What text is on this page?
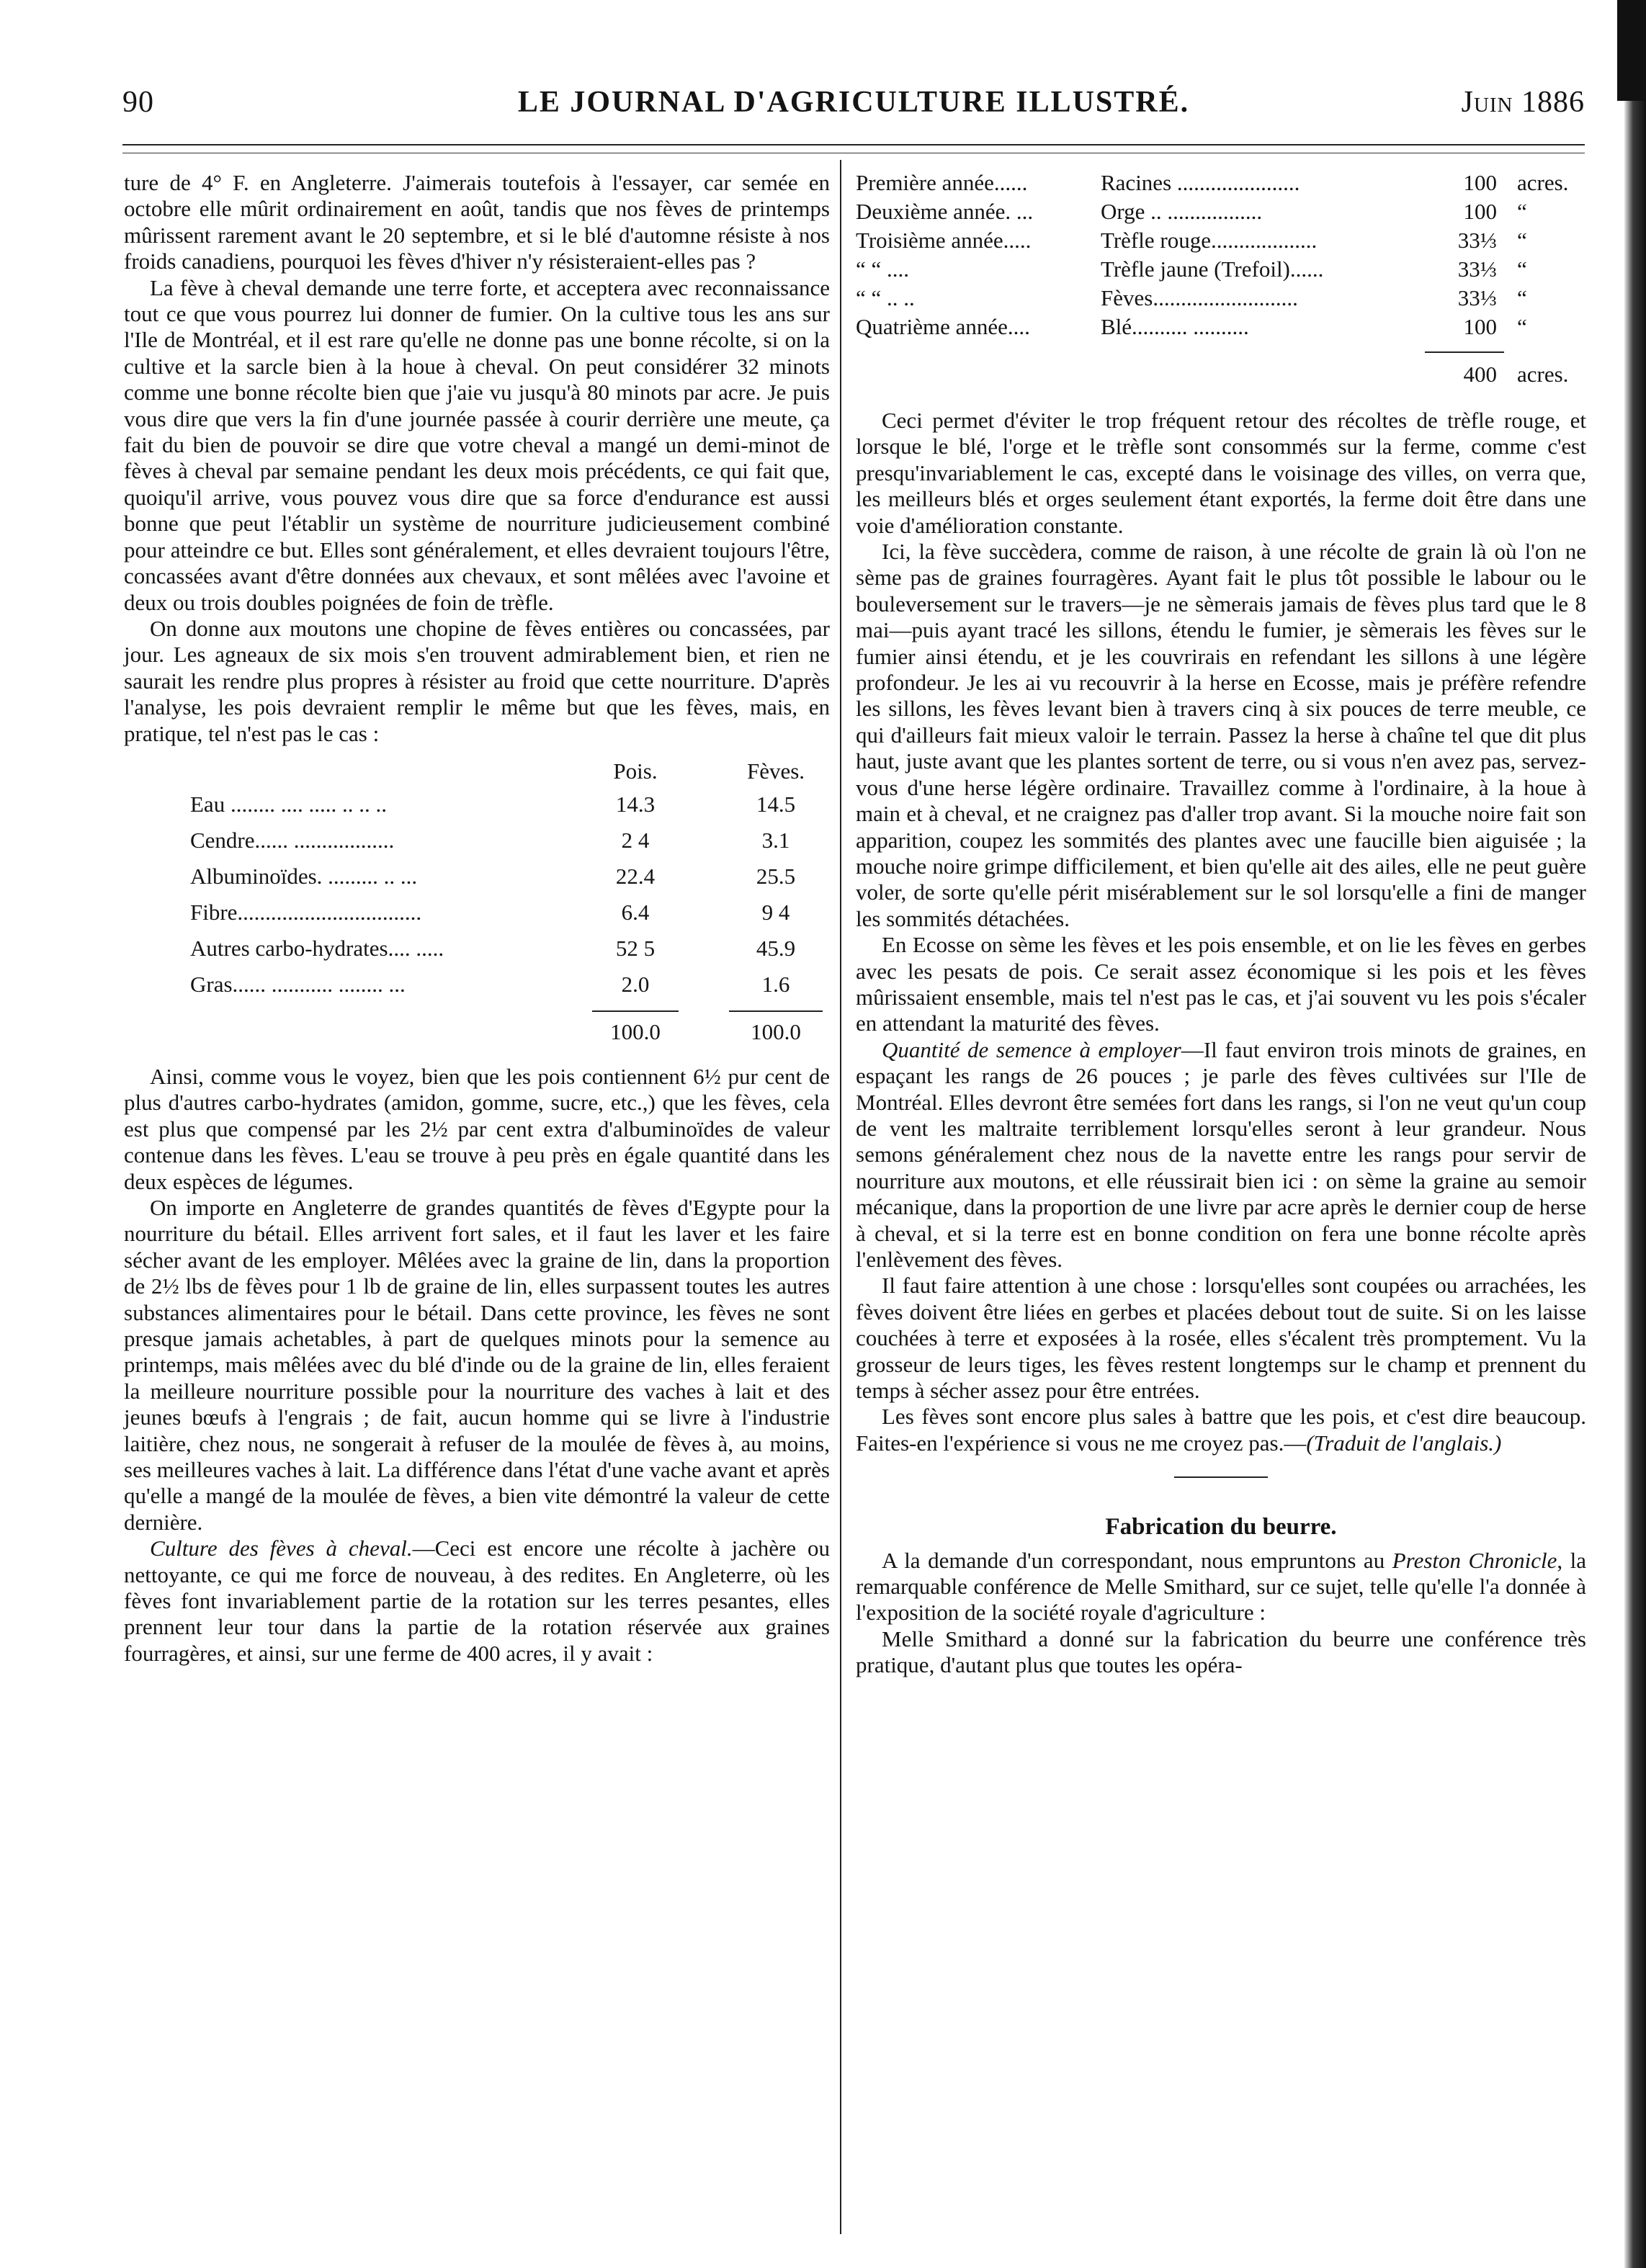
90	LE JOURNAL D'AGRICULTURE ILLUSTRÉ.	Juin 1886

ture de 4° F. en Angleterre. J'aimerais toutefois à l'essayer, car semée en octobre elle mûrit ordinairement en août, tandis que nos fèves de printemps mûrissent rarement avant le 20 septembre, et si le blé d'automne résiste à nos froids canadiens, pourquoi les fèves d'hiver n'y résisteraient-elles pas ?

La fève à cheval demande une terre forte, et acceptera avec reconnaissance tout ce que vous pourrez lui donner de fumier. On la cultive tous les ans sur l'Ile de Montréal, et il est rare qu'elle ne donne pas une bonne récolte, si on la cultive et la sarcle bien à la houe à cheval. On peut considérer 32 minots comme une bonne récolte bien que j'aie vu jusqu'à 80 minots par acre. Je puis vous dire que vers la fin d'une journée passée à courir derrière une meute, ça fait du bien de pouvoir se dire que votre cheval a mangé un demi-minot de fèves à cheval par semaine pendant les deux mois précédents, ce qui fait que, quoiqu'il arrive, vous pouvez vous dire que sa force d'endurance est aussi bonne que peut l'établir un système de nourriture judicieusement combiné pour atteindre ce but. Elles sont généralement, et elles devraient toujours l'être, concassées avant d'être données aux chevaux, et sont mêlées avec l'avoine et deux ou trois doubles poignées de foin de trèfle.

On donne aux moutons une chopine de fèves entières ou concassées, par jour. Les agneaux de six mois s'en trouvent admirablement bien, et rien ne saurait les rendre plus propres à résister au froid que cette nourriture. D'après l'analyse, les pois devraient remplir le même but que les fèves, mais, en pratique, tel n'est pas le cas :

Pois.	Fèves.
Eau ........ .... ..... .. .. ..	14.3	14.5
Cendre...... ..................	2 4	3.1
Albuminoïdes. ......... .. ...	22.4	25.5
Fibre.................................	6.4	9 4
Autres carbo-hydrates.... .....	52 5	45.9
Gras...... ........... ........ ...	2.0	1.6
100.0	100.0

Ainsi, comme vous le voyez, bien que les pois contiennent 6½ pur cent de plus d'autres carbo-hydrates (amidon, gomme, sucre, etc.,) que les fèves, cela est plus que compensé par les 2½ par cent extra d'albuminoïdes de valeur contenue dans les fèves. L'eau se trouve à peu près en égale quantité dans les deux espèces de légumes.

On importe en Angleterre de grandes quantités de fèves d'Egypte pour la nourriture du bétail. Elles arrivent fort sales, et il faut les laver et les faire sécher avant de les employer. Mêlées avec la graine de lin, dans la proportion de 2½ lbs de fèves pour 1 lb de graine de lin, elles surpassent toutes les autres substances alimentaires pour le bétail. Dans cette province, les fèves ne sont presque jamais achetables, à part de quelques minots pour la semence au printemps, mais mêlées avec du blé d'inde ou de la graine de lin, elles feraient la meilleure nourriture possible pour la nourriture des vaches à lait et des jeunes bœufs à l'engrais ; de fait, aucun homme qui se livre à l'industrie laitière, chez nous, ne songerait à refuser de la moulée de fèves à, au moins, ses meilleures vaches à lait. La différence dans l'état d'une vache avant et après qu'elle a mangé de la moulée de fèves, a bien vite démontré la valeur de cette dernière.

Culture des fèves à cheval.—Ceci est encore une récolte à jachère ou nettoyante, ce qui me force de nouveau, à des redites. En Angleterre, où les fèves font invariablement partie de la rotation sur les terres pesantes, elles prennent leur tour dans la partie de la rotation réservée aux graines fourragères, et ainsi, sur une ferme de 400 acres, il y avait :

Première année......	Racines ......................	100 acres.
Deuxième année. ...	Orge .. .................	100 “
Troisième année.....	Trèfle rouge...................	33⅓ “
“ “ ....	Trèfle jaune (Trefoil)......	33⅓ “
“ “ .. ..	Fèves..........................	33⅓ “
Quatrième année....	Blé.......... ..........	100 “
400 acres.

Ceci permet d'éviter le trop fréquent retour des récoltes de trèfle rouge, et lorsque le blé, l'orge et le trèfle sont consommés sur la ferme, comme c'est presqu'invariablement le cas, excepté dans le voisinage des villes, on verra que, les meilleurs blés et orges seulement étant exportés, la ferme doit être dans une voie d'amélioration constante.

Ici, la fève succèdera, comme de raison, à une récolte de grain là où l'on ne sème pas de graines fourragères. Ayant fait le plus tôt possible le labour ou le bouleversement sur le travers—je ne sèmerais jamais de fèves plus tard que le 8 mai—puis ayant tracé les sillons, étendu le fumier, je sèmerais les fèves sur le fumier ainsi étendu, et je les couvrirais en refendant les sillons à une légère profondeur. Je les ai vu recouvrir à la herse en Ecosse, mais je préfère refendre les sillons, les fèves levant bien à travers cinq à six pouces de terre meuble, ce qui d'ailleurs fait mieux valoir le terrain. Passez la herse à chaîne tel que dit plus haut, juste avant que les plantes sortent de terre, ou si vous n'en avez pas, servez-vous d'une herse légère ordinaire. Travaillez comme à l'ordinaire, à la houe à main et à cheval, et ne craignez pas d'aller trop avant. Si la mouche noire fait son apparition, coupez les sommités des plantes avec une faucille bien aiguisée ; la mouche noire grimpe difficilement, et bien qu'elle ait des ailes, elle ne peut guère voler, de sorte qu'elle périt misérablement sur le sol lorsqu'elle a fini de manger les sommités détachées.

En Ecosse on sème les fèves et les pois ensemble, et on lie les fèves en gerbes avec les pesats de pois. Ce serait assez économique si les pois et les fèves mûrissaient ensemble, mais tel n'est pas le cas, et j'ai souvent vu les pois s'écaler en attendant la maturité des fèves.

Quantité de semence à employer—Il faut environ trois minots de graines, en espaçant les rangs de 26 pouces ; je parle des fèves cultivées sur l'Ile de Montréal. Elles devront être semées fort dans les rangs, si l'on ne veut qu'un coup de vent les maltraite terriblement lorsqu'elles seront à leur grandeur. Nous semons généralement chez nous de la navette entre les rangs pour servir de nourriture aux moutons, et elle réussirait bien ici : on sème la graine au semoir mécanique, dans la proportion de une livre par acre après le dernier coup de herse à cheval, et si la terre est en bonne condition on fera une bonne récolte après l'enlèvement des fèves.

Il faut faire attention à une chose : lorsqu'elles sont coupées ou arrachées, les fèves doivent être liées en gerbes et placées debout tout de suite. Si on les laisse couchées à terre et exposées à la rosée, elles s'écalent très promptement. Vu la grosseur de leurs tiges, les fèves restent longtemps sur le champ et prennent du temps à sécher assez pour être entrées.

Les fèves sont encore plus sales à battre que les pois, et c'est dire beaucoup. Faites-en l'expérience si vous ne me croyez pas.—(Traduit de l'anglais.)

Fabrication du beurre.

A la demande d'un correspondant, nous empruntons au Preston Chronicle, la remarquable conférence de Melle Smithard, sur ce sujet, telle qu'elle l'a donnée à l'exposition de la société royale d'agriculture :

Melle Smithard a donné sur la fabrication du beurre une conférence très pratique, d'autant plus que toutes les opéra-
